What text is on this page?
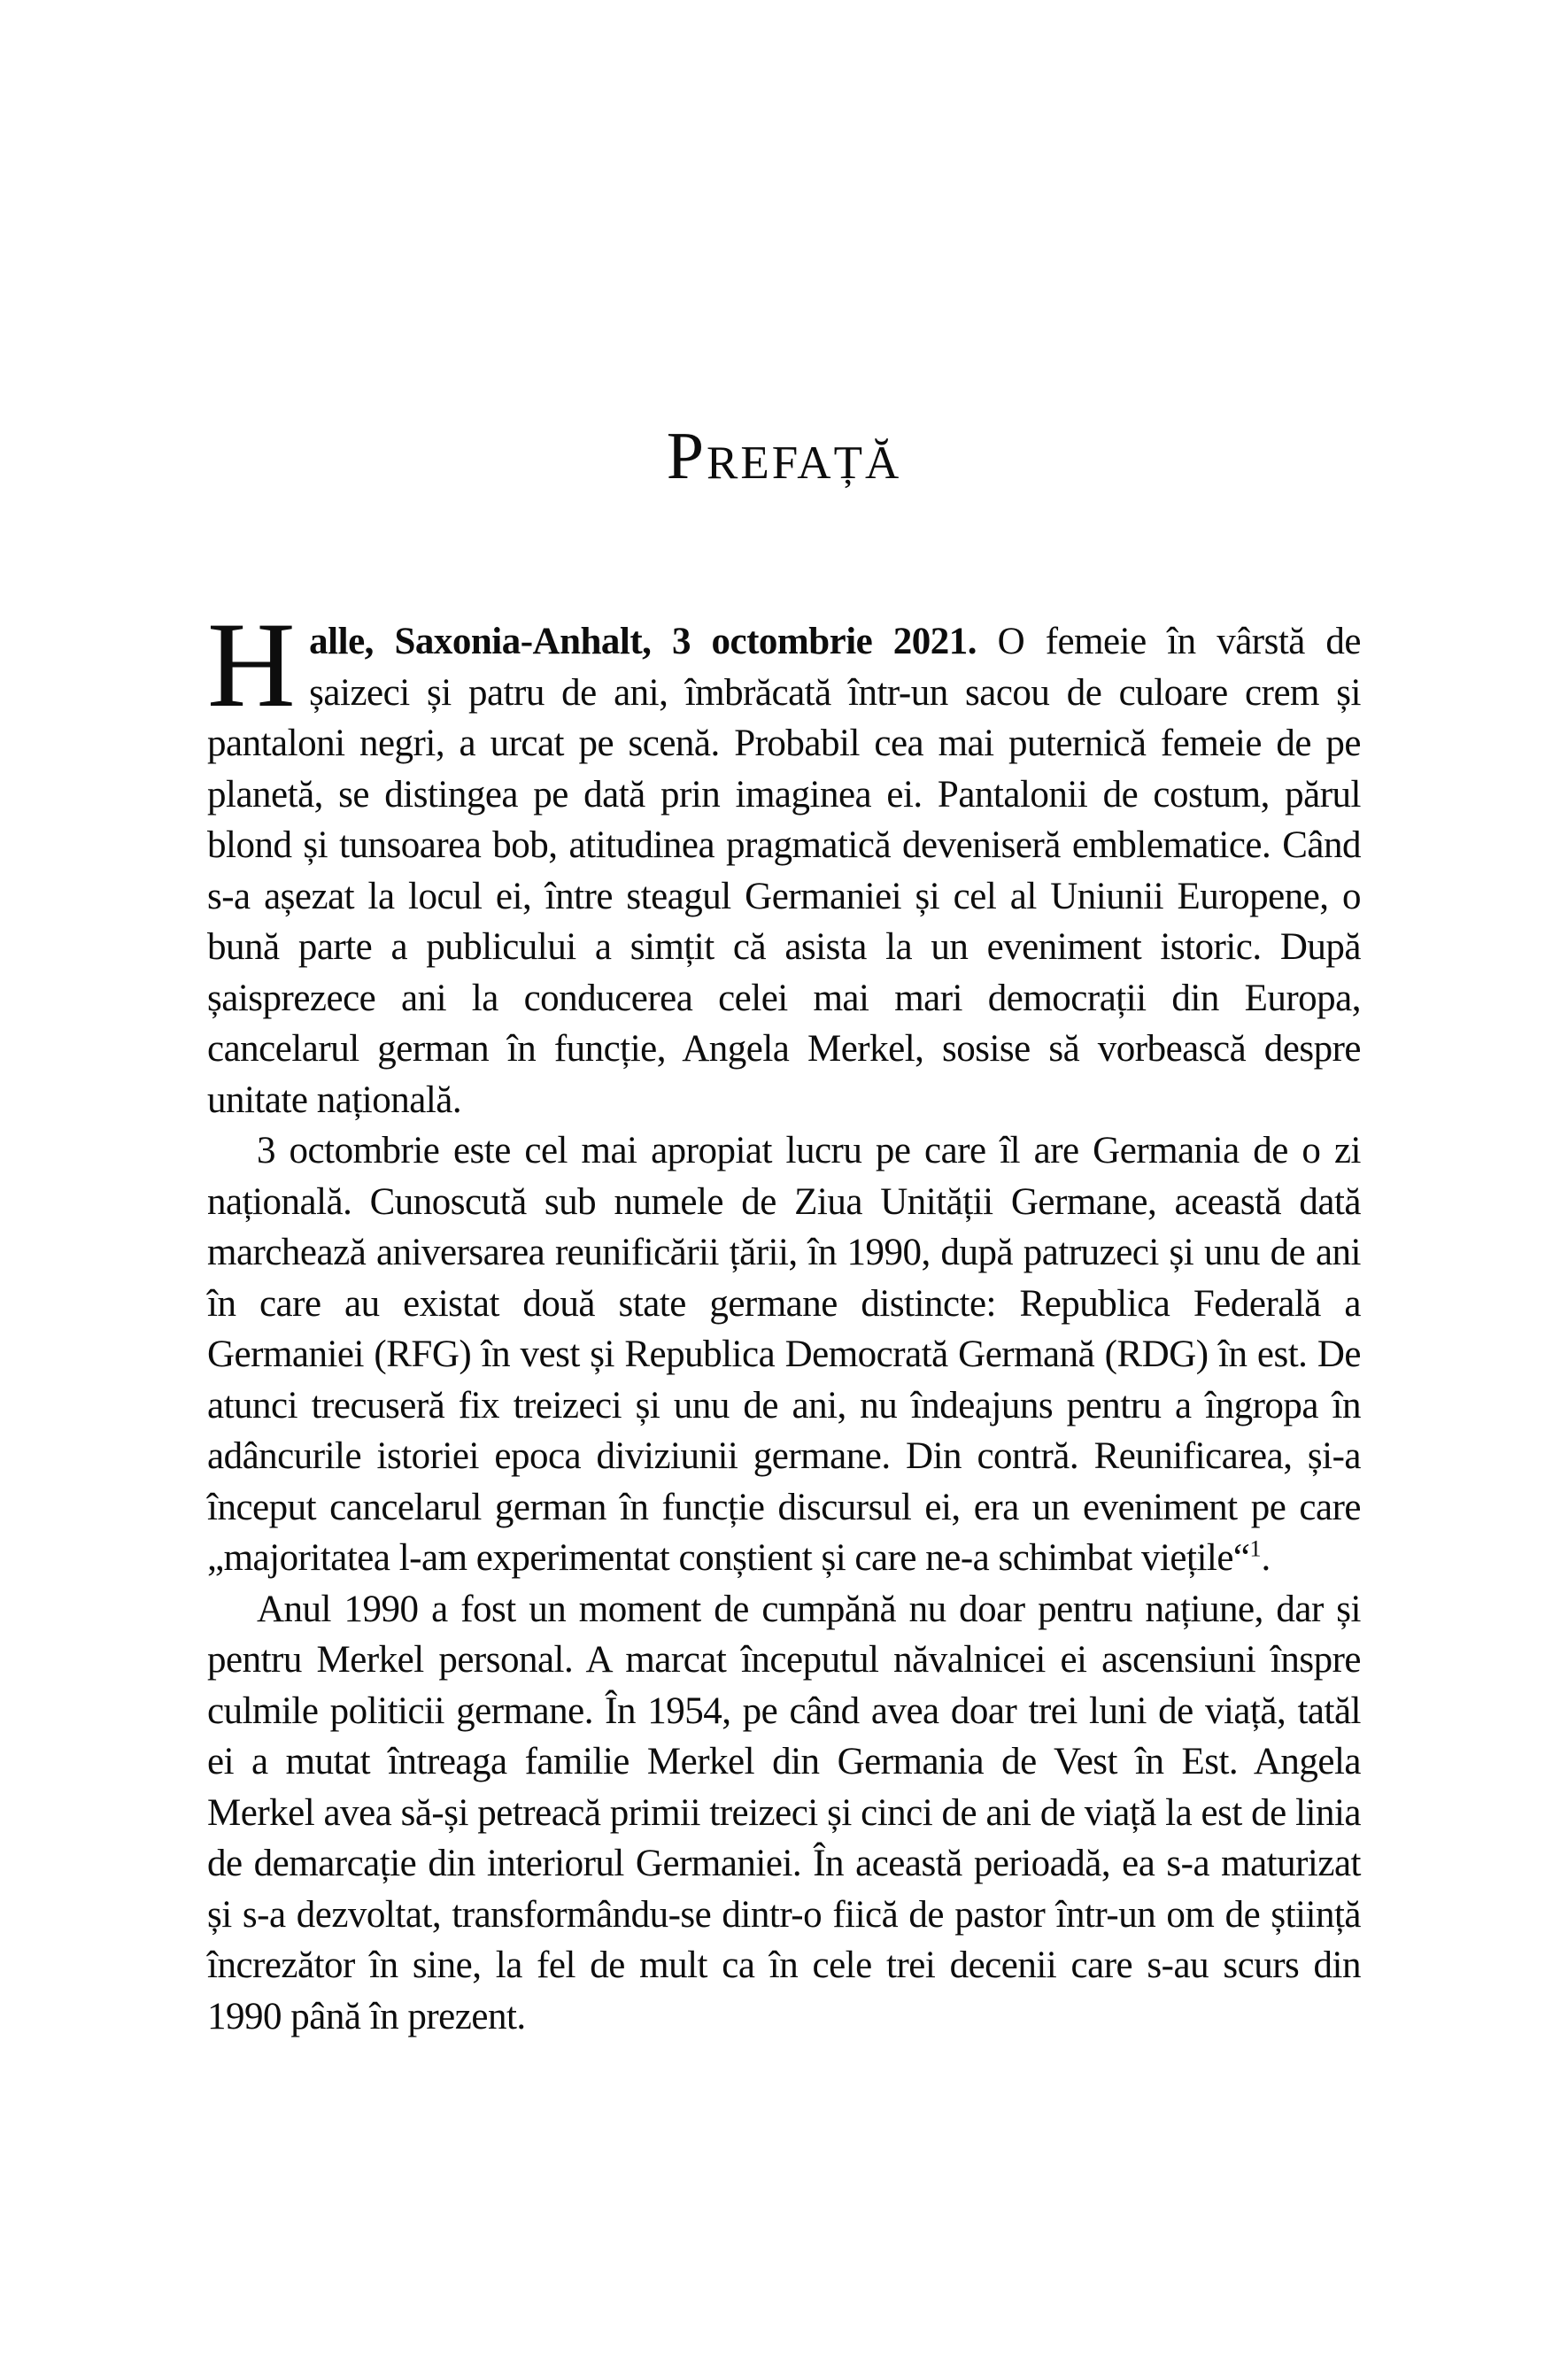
Prefață

Halle, Saxonia-Anhalt, 3 octombrie 2021. O femeie în vârstă de șaizeci și patru de ani, îmbrăcată într-un sacou de culoare crem și pantaloni negri, a urcat pe scenă. Probabil cea mai puternică femeie de pe planetă, se distingea pe dată prin imaginea ei. Pantalonii de costum, părul blond și tunsoarea bob, atitudinea pragmatică deveniseră emblematice. Când s-a așezat la locul ei, între steagul Germaniei și cel al Uniunii Europene, o bună parte a publicului a simțit că asista la un eveniment istoric. După șaisprezece ani la conducerea celei mai mari democrații din Europa, cancelarul german în funcție, Angela Merkel, sosise să vorbească despre unitate națională.

3 octombrie este cel mai apropiat lucru pe care îl are Germania de o zi națională. Cunoscută sub numele de Ziua Unității Germane, această dată marchează aniversarea reunificării țării, în 1990, după patruzeci și unu de ani în care au existat două state germane distincte: Republica Federală a Germaniei (RFG) în vest și Republica Democrată Germană (RDG) în est. De atunci trecuseră fix treizeci și unu de ani, nu îndeajuns pentru a îngropa în adâncurile istoriei epoca diviziunii germane. Din contră. Reunificarea, și-a început cancelarul german în funcție discursul ei, era un eveniment pe care „majoritatea l-am experimentat conștient și care ne-a schimbat viețile“$^1$.

Anul 1990 a fost un moment de cumpănă nu doar pentru națiune, dar și pentru Merkel personal. A marcat începutul năvalnicei ei ascensiuni înspre culmile politicii germane. În 1954, pe când avea doar trei luni de viață, tatăl ei a mutat întreaga familie Merkel din Germania de Vest în Est. Angela Merkel avea să-și petreacă primii treizeci și cinci de ani de viață la est de linia de demarcație din interiorul Germaniei. În această perioadă, ea s-a maturizat și s-a dezvoltat, transformându-se dintr-o fiică de pastor într-un om de știință încrezător în sine, la fel de mult ca în cele trei decenii care s-au scurs din 1990 până în prezent.
